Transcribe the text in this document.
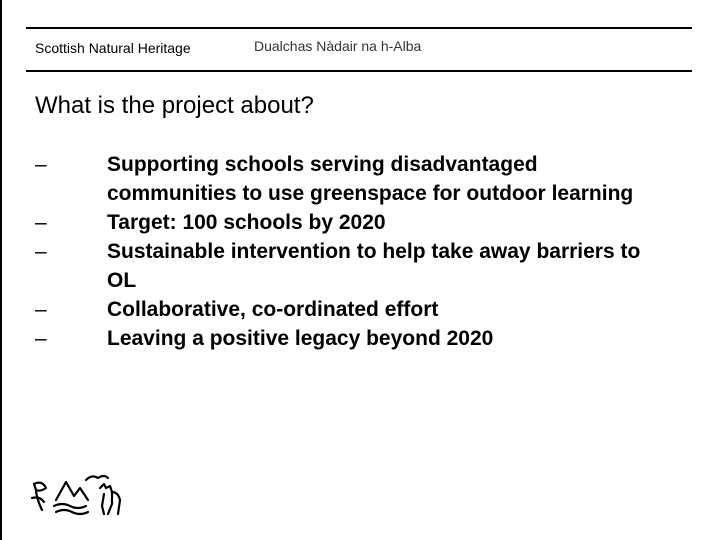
Scottish Natural Heritage	Dualchas Nàdair na h-Alba
What is the project about?
–	Supporting schools serving disadvantaged communities to use greenspace for outdoor learning
–	Target: 100 schools by 2020
–	Sustainable intervention to help take away barriers to OL
–	Collaborative, co-ordinated effort
–	Leaving a positive legacy beyond 2020
